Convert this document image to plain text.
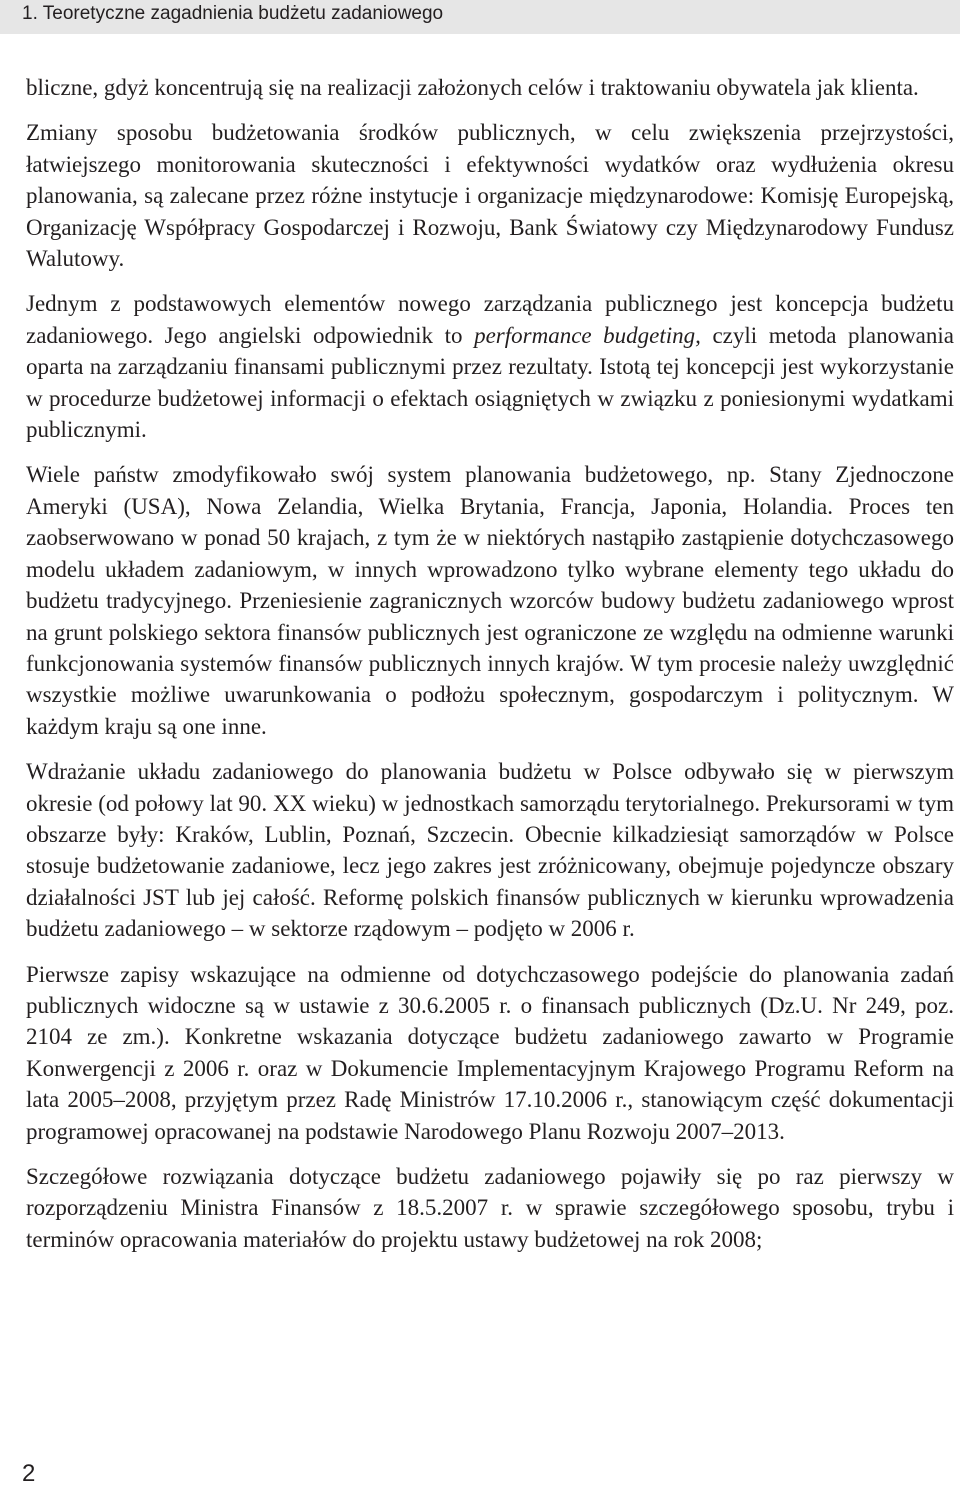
1. Teoretyczne zagadnienia budżetu zadaniowego

bliczne, gdyż koncentrują się na realizacji założonych celów i traktowaniu obywatela jak klienta.

Zmiany sposobu budżetowania środków publicznych, w celu zwiększenia przejrzystości, łatwiejszego monitorowania skuteczności i efektywności wydatków oraz wydłużenia okresu planowania, są zalecane przez różne instytucje i organizacje międzynarodowe: Komisję Europejską, Organizację Współpracy Gospodarczej i Rozwoju, Bank Światowy czy Międzynarodowy Fundusz Walutowy.

Jednym z podstawowych elementów nowego zarządzania publicznego jest koncepcja budżetu zadaniowego. Jego angielski odpowiednik to performance budgeting, czyli metoda planowania oparta na zarządzaniu finansami publicznymi przez rezultaty. Istotą tej koncepcji jest wykorzystanie w procedurze budżetowej informacji o efektach osiągniętych w związku z poniesionymi wydatkami publicznymi.

Wiele państw zmodyfikowało swój system planowania budżetowego, np. Stany Zjednoczone Ameryki (USA), Nowa Zelandia, Wielka Brytania, Francja, Japonia, Holandia. Proces ten zaobserwowano w ponad 50 krajach, z tym że w niektórych nastąpiło zastąpienie dotychczasowego modelu układem zadaniowym, w innych wprowadzono tylko wybrane elementy tego układu do budżetu tradycyjnego. Przeniesienie zagranicznych wzorców budowy budżetu zadaniowego wprost na grunt polskiego sektora finansów publicznych jest ograniczone ze względu na odmienne warunki funkcjonowania systemów finansów publicznych innych krajów. W tym procesie należy uwzględnić wszystkie możliwe uwarunkowania o podłożu społecznym, gospodarczym i politycznym. W każdym kraju są one inne.

Wdrażanie układu zadaniowego do planowania budżetu w Polsce odbywało się w pierwszym okresie (od połowy lat 90. XX wieku) w jednostkach samorządu terytorialnego. Prekursorami w tym obszarze były: Kraków, Lublin, Poznań, Szczecin. Obecnie kilkadziesiąt samorządów w Polsce stosuje budżetowanie zadaniowe, lecz jego zakres jest zróżnicowany, obejmuje pojedyncze obszary działalności JST lub jej całość. Reformę polskich finansów publicznych w kierunku wprowadzenia budżetu zadaniowego – w sektorze rządowym – podjęto w 2006 r.

Pierwsze zapisy wskazujące na odmienne od dotychczasowego podejście do planowania zadań publicznych widoczne są w ustawie z 30.6.2005 r. o finansach publicznych (Dz.U. Nr 249, poz. 2104 ze zm.). Konkretne wskazania dotyczące budżetu zadaniowego zawarto w Programie Konwergencji z 2006 r. oraz w Dokumencie Implementacyjnym Krajowego Programu Reform na lata 2005–2008, przyjętym przez Radę Ministrów 17.10.2006 r., stanowiącym część dokumentacji programowej opracowanej na podstawie Narodowego Planu Rozwoju 2007–2013.

Szczegółowe rozwiązania dotyczące budżetu zadaniowego pojawiły się po raz pierwszy w rozporządzeniu Ministra Finansów z 18.5.2007 r. w sprawie szczegółowego sposobu, trybu i terminów opracowania materiałów do projektu ustawy budżetowej na rok 2008;

2
